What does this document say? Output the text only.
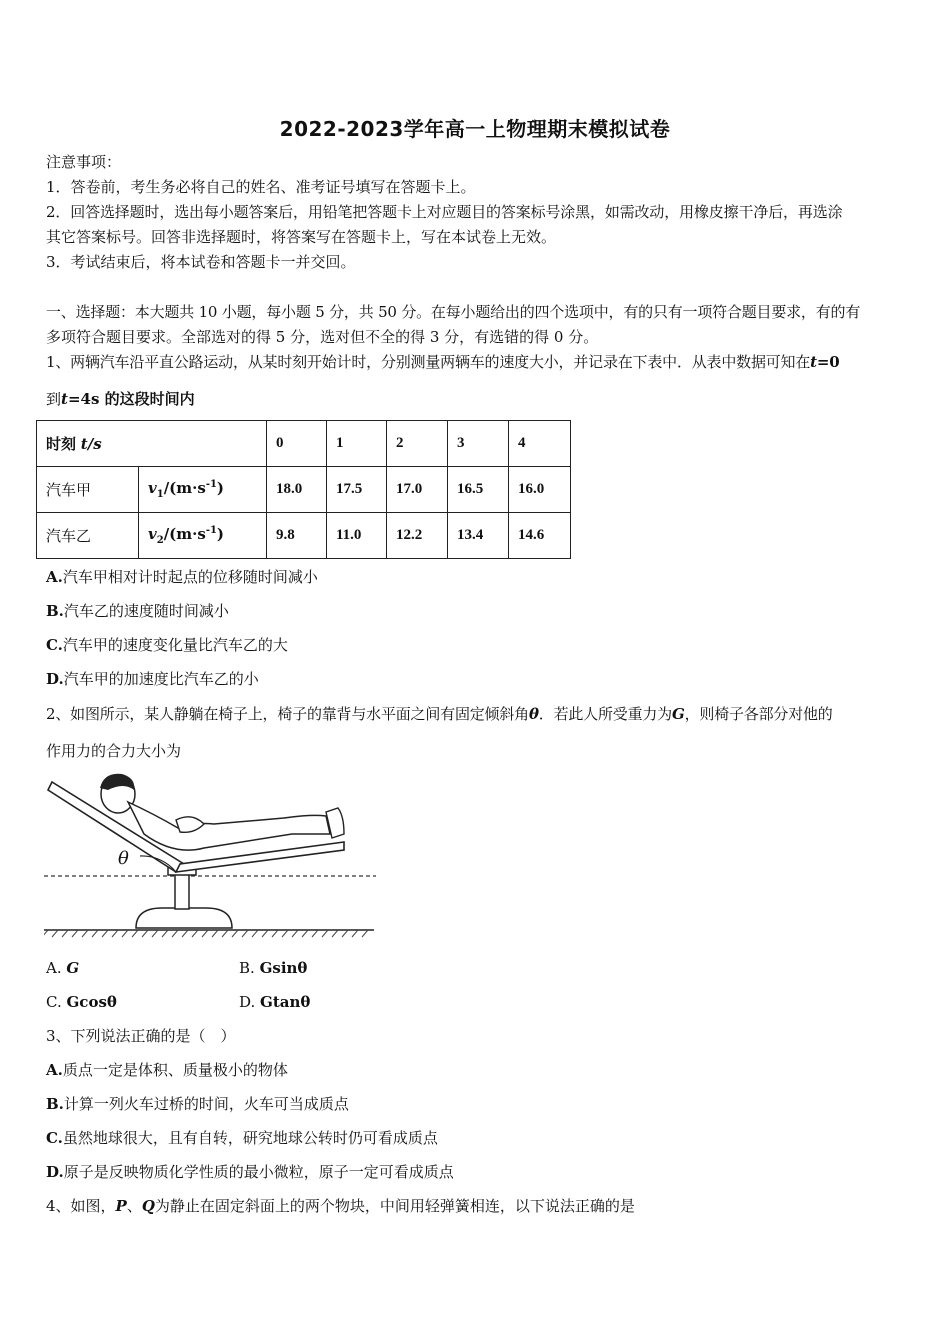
2022-2023学年高一上物理期末模拟试卷
注意事项：
1．答卷前，考生务必将自己的姓名、准考证号填写在答题卡上。
2．回答选择题时，选出每小题答案后，用铅笔把答题卡上对应题目的答案标号涂黑，如需改动，用橡皮擦干净后，再选涂
其它答案标号。回答非选择题时，将答案写在答题卡上，写在本试卷上无效。
3．考试结束后，将本试卷和答题卡一并交回。
一、选择题：本大题共 10 小题，每小题 5 分，共 50 分。在每小题给出的四个选项中，有的只有一项符合题目要求，有的有
多项符合题目要求。全部选对的得 5 分，选对但不全的得 3 分，有选错的得 0 分。
1、两辆汽车沿平直公路运动，从某时刻开始计时，分别测量两辆车的速度大小，并记录在下表中．从表中数据可知在t=0
到t=4s 的这段时间内
时刻 t/s		0	1	2	3	4
汽车甲	$v_1/(m\cdot s^{-1})$	18.0	17.5	17.0	16.5	16.0
汽车乙	$v_2/(m\cdot s^{-1})$	9.8	11.0	12.2	13.4	14.6
A.汽车甲相对计时起点的位移随时间减小
B.汽车乙的速度随时间减小
C.汽车甲的速度变化量比汽车乙的大
D.汽车甲的加速度比汽车乙的小
2、如图所示，某人静躺在椅子上，椅子的靠背与水平面之间有固定倾斜角θ．若此人所受重力为G，则椅子各部分对他的
作用力的合力大小为
θ
A. G	B. Gsinθ
C. Gcosθ	D. Gtanθ
3、下列说法正确的是（　）
A.质点一定是体积、质量极小的物体
B.计算一列火车过桥的时间，火车可当成质点
C.虽然地球很大，且有自转，研究地球公转时仍可看成质点
D.原子是反映物质化学性质的最小微粒，原子一定可看成质点
4、如图，P、Q为静止在固定斜面上的两个物块，中间用轻弹簧相连，以下说法正确的是
